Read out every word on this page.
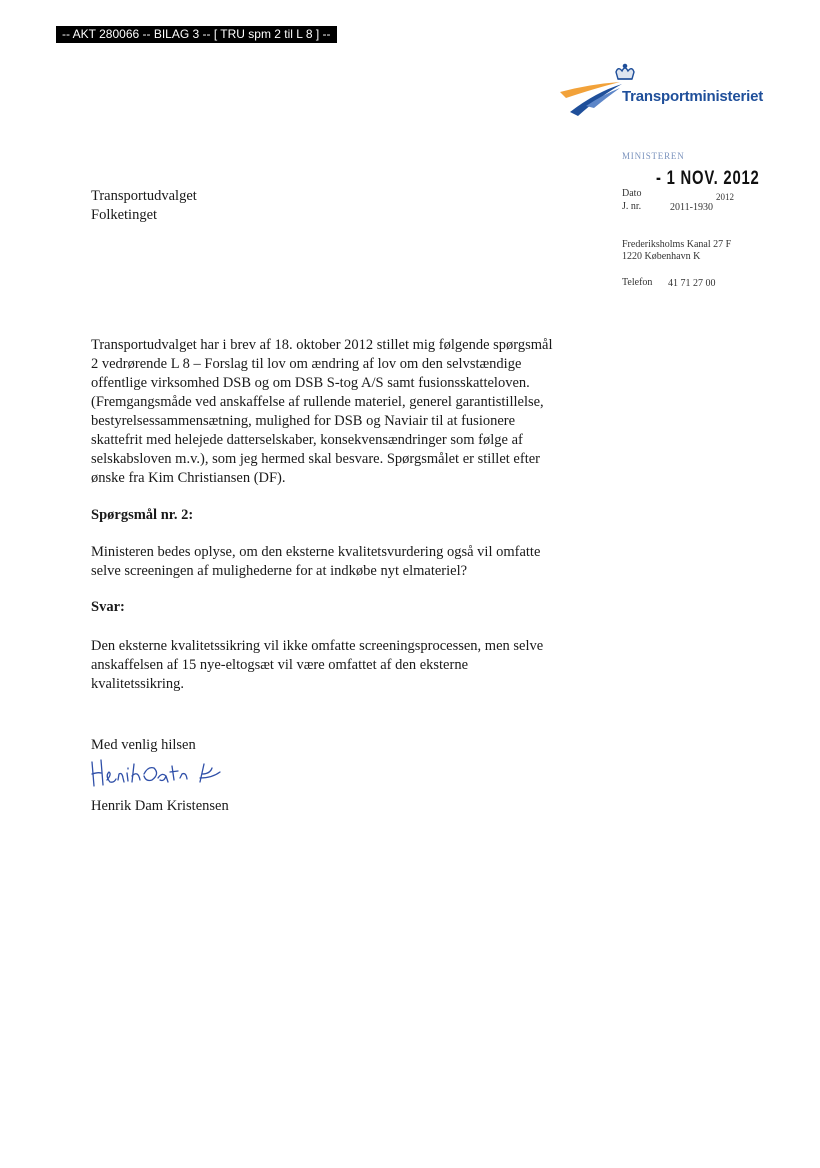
-- AKT 280066 -- BILAG 3 -- [ TRU spm 2 til L 8 ] --
Transportministeriet
MINISTEREN
- 1 NOV. 2012
Dato	2012
J. nr.	2011-1930
Frederiksholms Kanal 27 F
1220 København K
Telefon 41 71 27 00
Transportudvalget
Folketinget
Transportudvalget har i brev af 18. oktober 2012 stillet mig følgende spørgsmål
2 vedrørende L 8 – Forslag til lov om ændring af lov om den selvstændige
offentlige virksomhed DSB og om DSB S-tog A/S samt fusionsskatteloven.
(Fremgangsmåde ved anskaffelse af rullende materiel, generel garantistillelse,
bestyrelsessammensætning, mulighed for DSB og Naviair til at fusionere
skattefrit med helejede datterselskaber, konsekvensændringer som følge af
selskabsloven m.v.), som jeg hermed skal besvare. Spørgsmålet er stillet efter
ønske fra Kim Christiansen (DF).
Spørgsmål nr. 2:
Ministeren bedes oplyse, om den eksterne kvalitetsvurdering også vil omfatte
selve screeningen af mulighederne for at indkøbe nyt elmateriel?
Svar:
Den eksterne kvalitetssikring vil ikke omfatte screeningsprocessen, men selve
anskaffelsen af 15 nye-eltogsæt vil være omfattet af den eksterne
kvalitetssikring.
Med venlig hilsen
Henrik Dam Kristensen
